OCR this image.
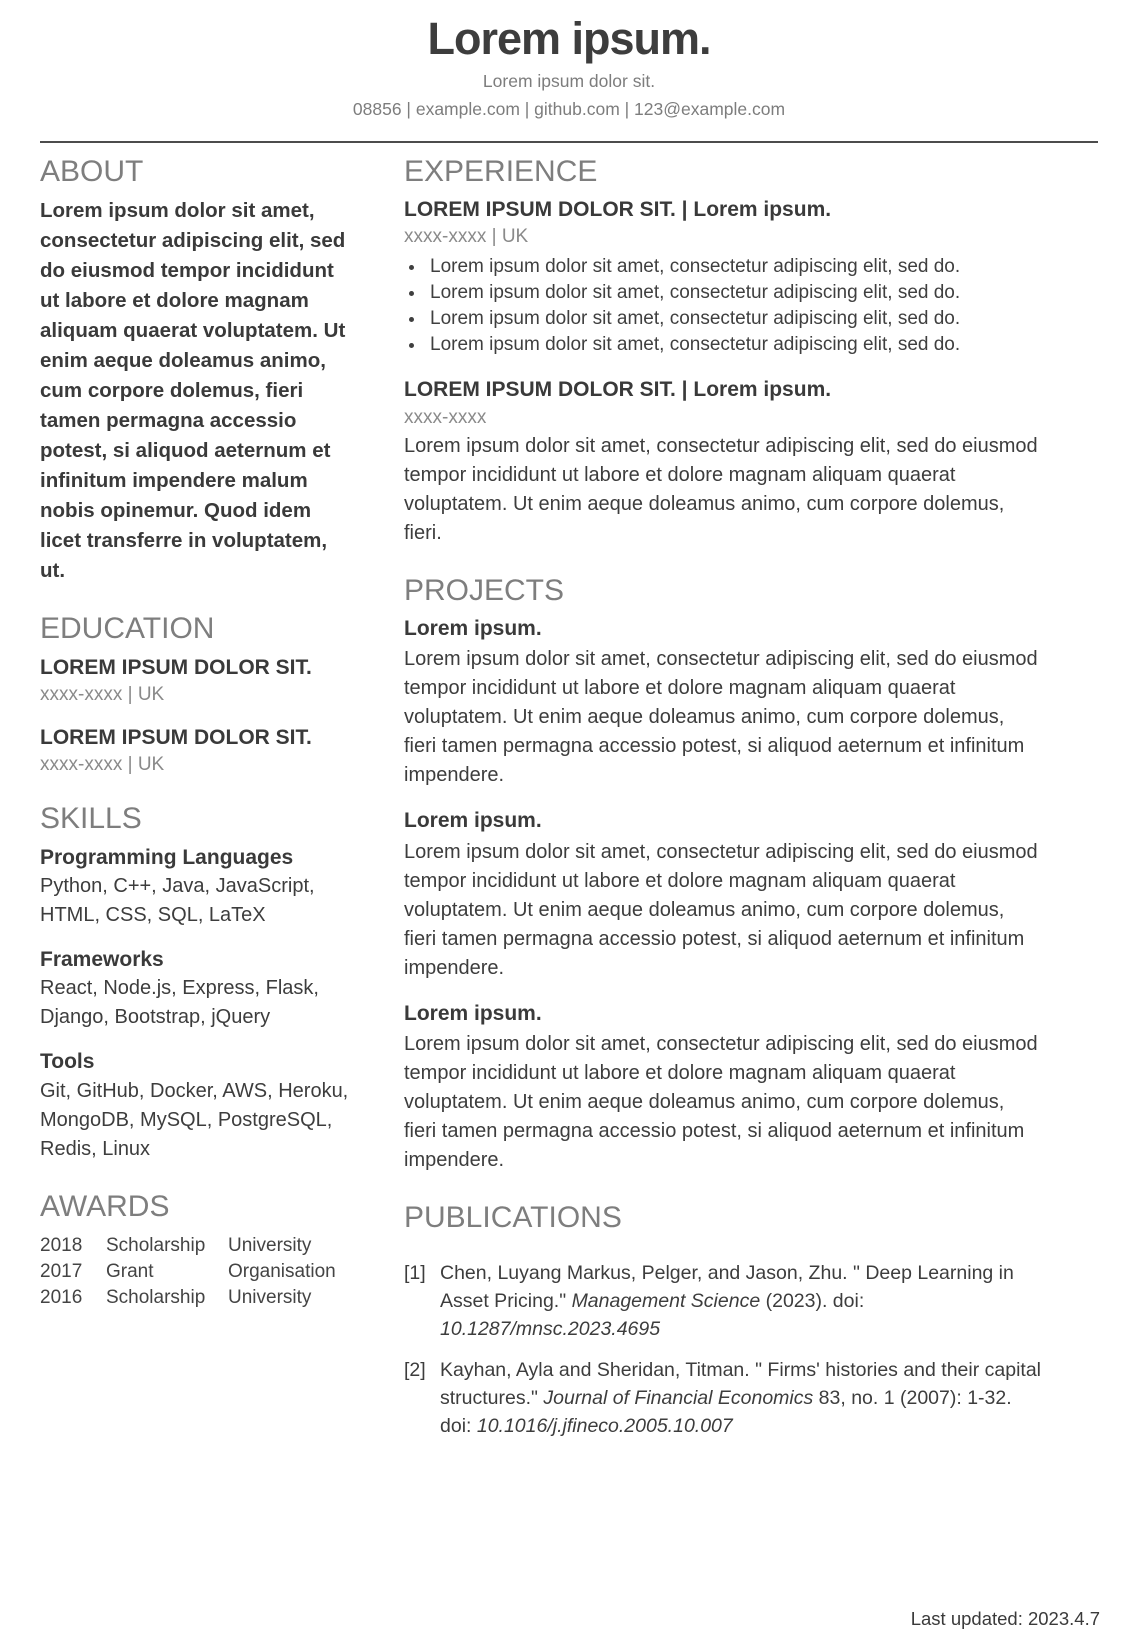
Lorem ipsum.
Lorem ipsum dolor sit.
08856 | example.com | github.com | 123@example.com
ABOUT
Lorem ipsum dolor sit amet, consectetur adipiscing elit, sed do eiusmod tempor incididunt ut labore et dolore magnam aliquam quaerat voluptatem. Ut enim aeque doleamus animo, cum corpore dolemus, fieri tamen permagna accessio potest, si aliquod aeternum et infinitum impendere malum nobis opinemur. Quod idem licet transferre in voluptatem, ut.
EDUCATION
LOREM IPSUM DOLOR SIT.
xxxx-xxxx | UK
LOREM IPSUM DOLOR SIT.
xxxx-xxxx | UK
SKILLS
Programming Languages
Python, C++, Java, JavaScript, HTML, CSS, SQL, LaTeX
Frameworks
React, Node.js, Express, Flask, Django, Bootstrap, jQuery
Tools
Git, GitHub, Docker, AWS, Heroku, MongoDB, MySQL, PostgreSQL, Redis, Linux
AWARDS
2018	Scholarship	University
2017	Grant	Organisation
2016	Scholarship	University
EXPERIENCE
LOREM IPSUM DOLOR SIT. | Lorem ipsum.
xxxx-xxxx | UK
• Lorem ipsum dolor sit amet, consectetur adipiscing elit, sed do.
• Lorem ipsum dolor sit amet, consectetur adipiscing elit, sed do.
• Lorem ipsum dolor sit amet, consectetur adipiscing elit, sed do.
• Lorem ipsum dolor sit amet, consectetur adipiscing elit, sed do.
LOREM IPSUM DOLOR SIT. | Lorem ipsum.
xxxx-xxxx
Lorem ipsum dolor sit amet, consectetur adipiscing elit, sed do eiusmod tempor incididunt ut labore et dolore magnam aliquam quaerat voluptatem. Ut enim aeque doleamus animo, cum corpore dolemus, fieri.
PROJECTS
Lorem ipsum.
Lorem ipsum dolor sit amet, consectetur adipiscing elit, sed do eiusmod tempor incididunt ut labore et dolore magnam aliquam quaerat voluptatem. Ut enim aeque doleamus animo, cum corpore dolemus, fieri tamen permagna accessio potest, si aliquod aeternum et infinitum impendere.
Lorem ipsum.
Lorem ipsum dolor sit amet, consectetur adipiscing elit, sed do eiusmod tempor incididunt ut labore et dolore magnam aliquam quaerat voluptatem. Ut enim aeque doleamus animo, cum corpore dolemus, fieri tamen permagna accessio potest, si aliquod aeternum et infinitum impendere.
Lorem ipsum.
Lorem ipsum dolor sit amet, consectetur adipiscing elit, sed do eiusmod tempor incididunt ut labore et dolore magnam aliquam quaerat voluptatem. Ut enim aeque doleamus animo, cum corpore dolemus, fieri tamen permagna accessio potest, si aliquod aeternum et infinitum impendere.
PUBLICATIONS
[1] Chen, Luyang Markus, Pelger, and Jason, Zhu. " Deep Learning in Asset Pricing." Management Science (2023). doi: 10.1287/mnsc.2023.4695
[2] Kayhan, Ayla and Sheridan, Titman. " Firms' histories and their capital structures." Journal of Financial Economics 83, no. 1 (2007): 1-32. doi: 10.1016/j.jfineco.2005.10.007
Last updated: 2023.4.7
